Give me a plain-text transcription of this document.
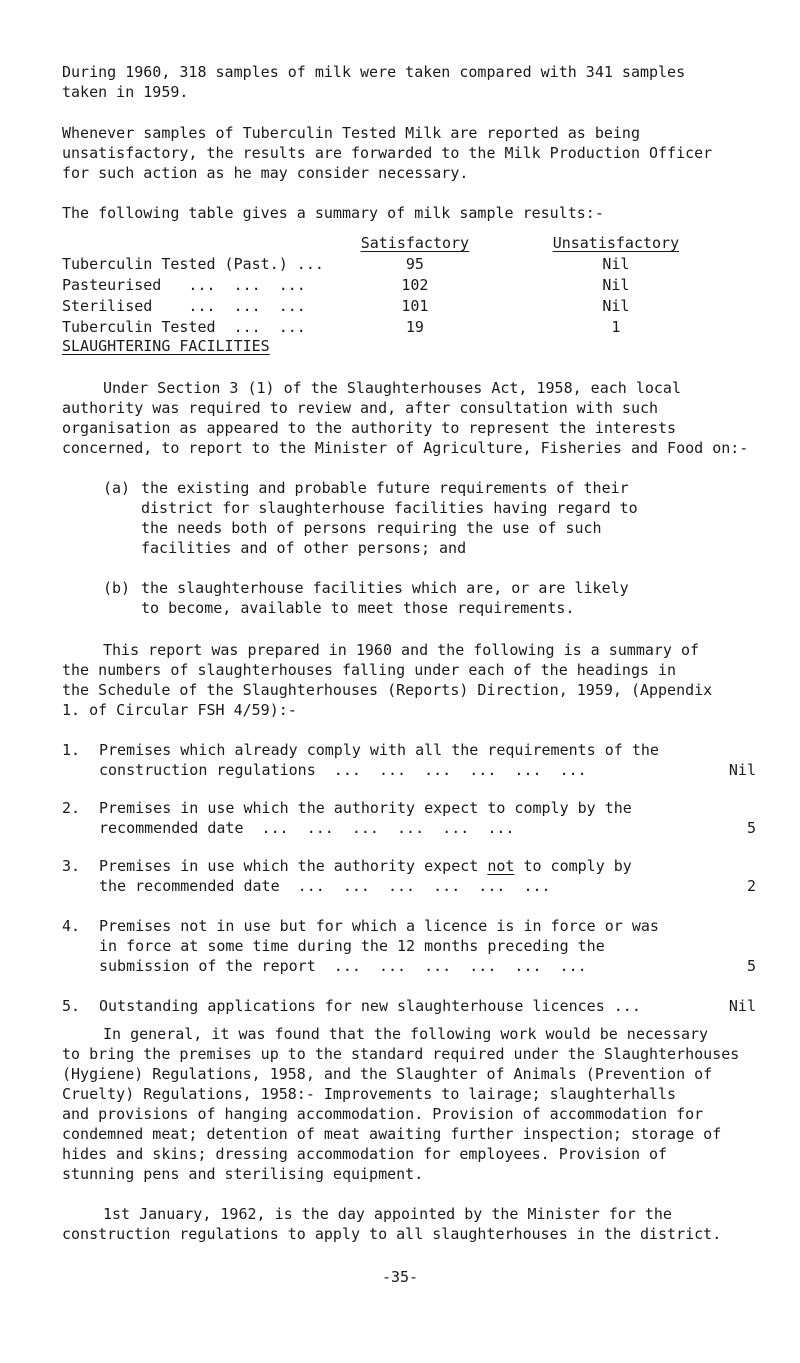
During 1960, 318 samples of milk were taken compared with 341 samples

taken in 1959.

Whenever samples of Tuberculin Tested Milk are reported as being

unsatisfactory, the results are forwarded to the Milk Production Officer

for such action as he may consider necessary.

The following table gives a summary of milk sample results:-

	Satisfactory	Unsatisfactory
Tuberculin Tested (Past.) ...	95	Nil
Pasteurised   ...  ...  ...	102	Nil
Sterilised    ...  ...  ...	101	Nil
Tuberculin Tested  ...  ...	19	1

SLAUGHTERING FACILITIES

Under Section 3 (1) of the Slaughterhouses Act, 1958, each local

authority was required to review and, after consultation with such

organisation as appeared to the authority to represent the interests

concerned, to report to the Minister of Agriculture, Fisheries and Food on:-

(a) the existing and probable future requirements of their

district for slaughterhouse facilities having regard to

the needs both of persons requiring the use of such

facilities and of other persons; and

(b) the slaughterhouse facilities which are, or are likely

to become, available to meet those requirements.

This report was prepared in 1960 and the following is a summary of

the numbers of slaughterhouses falling under each of the headings in

the Schedule of the Slaughterhouses (Reports) Direction, 1959, (Appendix

1. of Circular FSH 4/59):-

1. Premises which already comply with all the requirements of the

construction regulations  ...  ...  ...  ...  ...  ...	Nil
2. Premises in use which the authority expect to comply by the

recommended date  ...  ...  ...  ...  ...  ...	5
3. Premises in use which the authority expect not to comply by

the recommended date  ...  ...  ...  ...  ...  ...	2
4. Premises not in use but for which a licence is in force or was

in force at some time during the 12 months preceding the

submission of the report  ...  ...  ...  ...  ...  ...	5
5. Outstanding applications for new slaughterhouse licences ...	Nil

In general, it was found that the following work would be necessary

to bring the premises up to the standard required under the Slaughterhouses

(Hygiene) Regulations, 1958, and the Slaughter of Animals (Prevention of

Cruelty) Regulations, 1958:- Improvements to lairage; slaughterhalls

and provisions of hanging accommodation. Provision of accommodation for

condemned meat; detention of meat awaiting further inspection; storage of

hides and skins; dressing accommodation for employees. Provision of

stunning pens and sterilising equipment.

1st January, 1962, is the day appointed by the Minister for the

construction regulations to apply to all slaughterhouses in the district.

-35-
